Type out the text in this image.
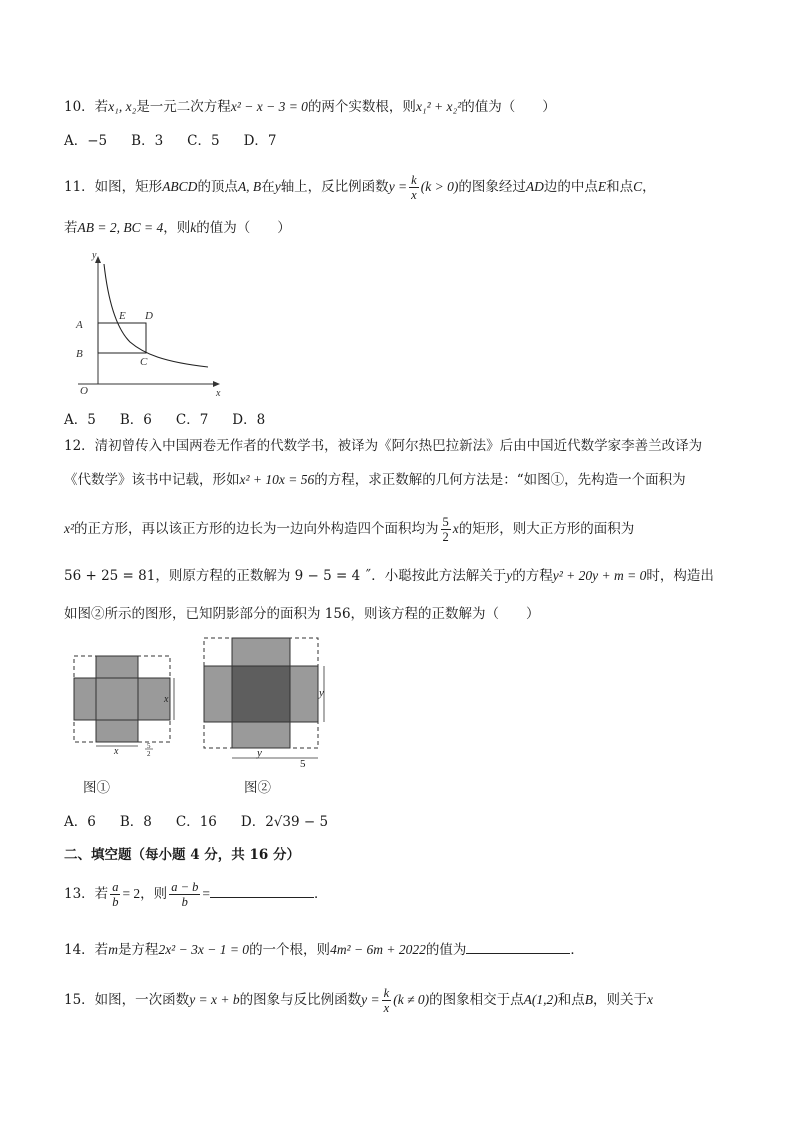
10．若x₁, x₂是一元二次方程x² − x − 3 = 0的两个实数根，则x₁² + x₂²的值为（　　）
A．−5 B．3 C．5 D．7
11．如图，矩形ABCD的顶点A, B在y轴上，反比例函数$y = \frac{k}{x} (k > 0)$的图象经过AD边的中点E和点C，
若AB = 2, BC = 4，则k的值为（　　）
y
x
O
A
B
E D
C
A．5 B．6 C．7 D．8
12．清初曾传入中国两卷无作者的代数学书，被译为《阿尔热巴拉新法》后由中国近代数学家李善兰改译为
《代数学》该书中记载，形如x² + 10x = 56的方程，求正数解的几何方法是：“如图①，先构造一个面积为
x²的正方形，再以该正方形的边长为一边向外构造四个面积均为 $\frac{5}{2}$ x的矩形，则大正方形的面积为
56 + 25 = 81，则原方程的正数解为 9 − 5 = 4 ˝．小聪按此方法解关于y的方程y² + 20y + m = 0时，构造出
如图②所示的图形，已知阴影部分的面积为 156，则该方程的正数解为（　　）
x
x	5
2
图①
y
y
5
图②
A．6 B．8 C．16 D．2√39 − 5
二、填空题（每小题 4 分，共 16 分）
13．若 $\frac{a}{b} = 2$，则 $\frac{a - b}{b}$ =	．
14．若m是方程2x² − 3x − 1 = 0的一个根，则4m² − 6m + 2022的值为	．
15．如图，一次函数y = x + b的图象与反比例函数$y = \frac{k}{x} (k \ne 0)$的图象相交于点A(1,2)和点B，则关于x
